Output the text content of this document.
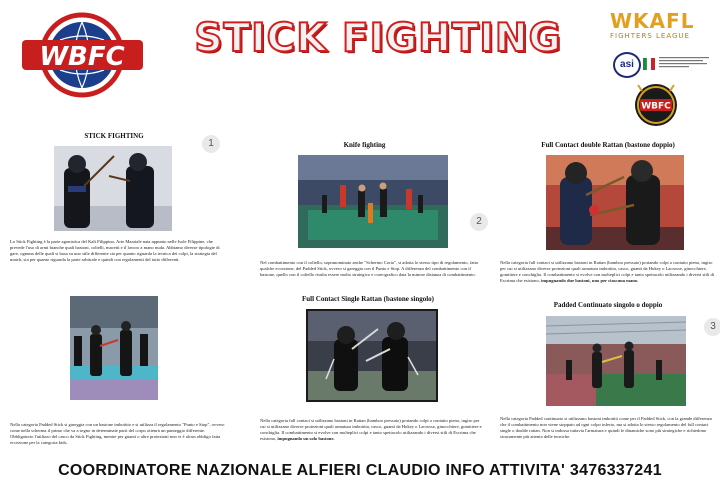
WBFC	STICK FIGHTING	WKAFL
FIGHTERS LEAGUE
asi
WBFC
STICK FIGHTING
1
Lo Stick Fighting è la parte agonistica del Kali Filippino, Arte Marziale nata appunto nelle Isole Filippine, che prevede l'uso di armi bianche quali bastoni, coltelli, macetti e il lavoro a mano nuda. Abbiamo diverse tipologie di gare, ognuna delle quali si basa su uno stile differente sia per quanto riguarda la tecnica dei colpi, la strategia del match, sia per quanto riguarda la parte arbitrale e quindi con regolamenti del tutto differenti.
Knife fighting
2
Nel combattimento con il coltello, sopranominato anche "Schermo Corta", si adotta lo stesso tipo di regolamento, fatta qualche eccezione, del Padded Stick, ovvero si gareggia con il Punto e Stop. A differenza del combattimento con il bastone, quello con il coltello risulta essere molto strategico e coreografico data la minore distanza di combattimento.
Full Contact double Rattan (bastone doppio)
Nella categoria full contact si utilizzano bastoni in Rattan (bamboo pressato) portando colpi a contatto pieno, ingiro per cui si utilizzano diverse protezioni quali armatura imbottita, casco, guanti da Hokey o Lacrosse, ginocchiere, gomitiere e conchiglia. Il combattimento si evolve con molteplici colpi e tanto spettacolo utilizzando i diversi stili di Escrima che esistono, impugnando due bastoni, uno per ciascuna mano.
Nella categoria Padded Stick si gareggia con un bastone imbottito e si utilizza il regolamento "Punto e Stop", ovvero come nella scherma il primo che va a segno in determinate parti del corpo ottenrà un punteggio differente. Obbligatorio l'utilizzo del casco da Stick Fighting, mentre per guanti o altre protezioni non vi è alcun obbligo fatta eccezione per la categoria kids.
Full Contact Single Rattan (bastone singolo)
Nella categoria full contact si utilizzano bastoni in Rattan (bamboo pressato) portando colpi a contatto pieno, ingiro per cui si utilizzano diverse protezioni quali armatura imbottita, casco, guanti da Hokey o Lacrosse, ginocchiere, gomitiere e conchiglia. Il combattimento si evolve con molteplici colpi e tanto spettacolo utilizzando i diversi stili di Escrima che esistono, impugnando un solo bastone.
Padded Continuato singolo o doppio
3
Nella categoria Padded continuato si utilizzano bastoni imbottiti come per il Padded Stick, con la grande differenza che il combattimento non viene stoppato ad ogni colpo inferto, ma si adotta lo stesso regolamento del full contact single o double rattan. Non si indossa tuttavia l'armatura e quindi le dinamiche sono più strategiche e richiedono sicuramente più attenta delle tecniche.
COORDINATORE NAZIONALE ALFIERI CLAUDIO INFO ATTIVITA' 3476337241
